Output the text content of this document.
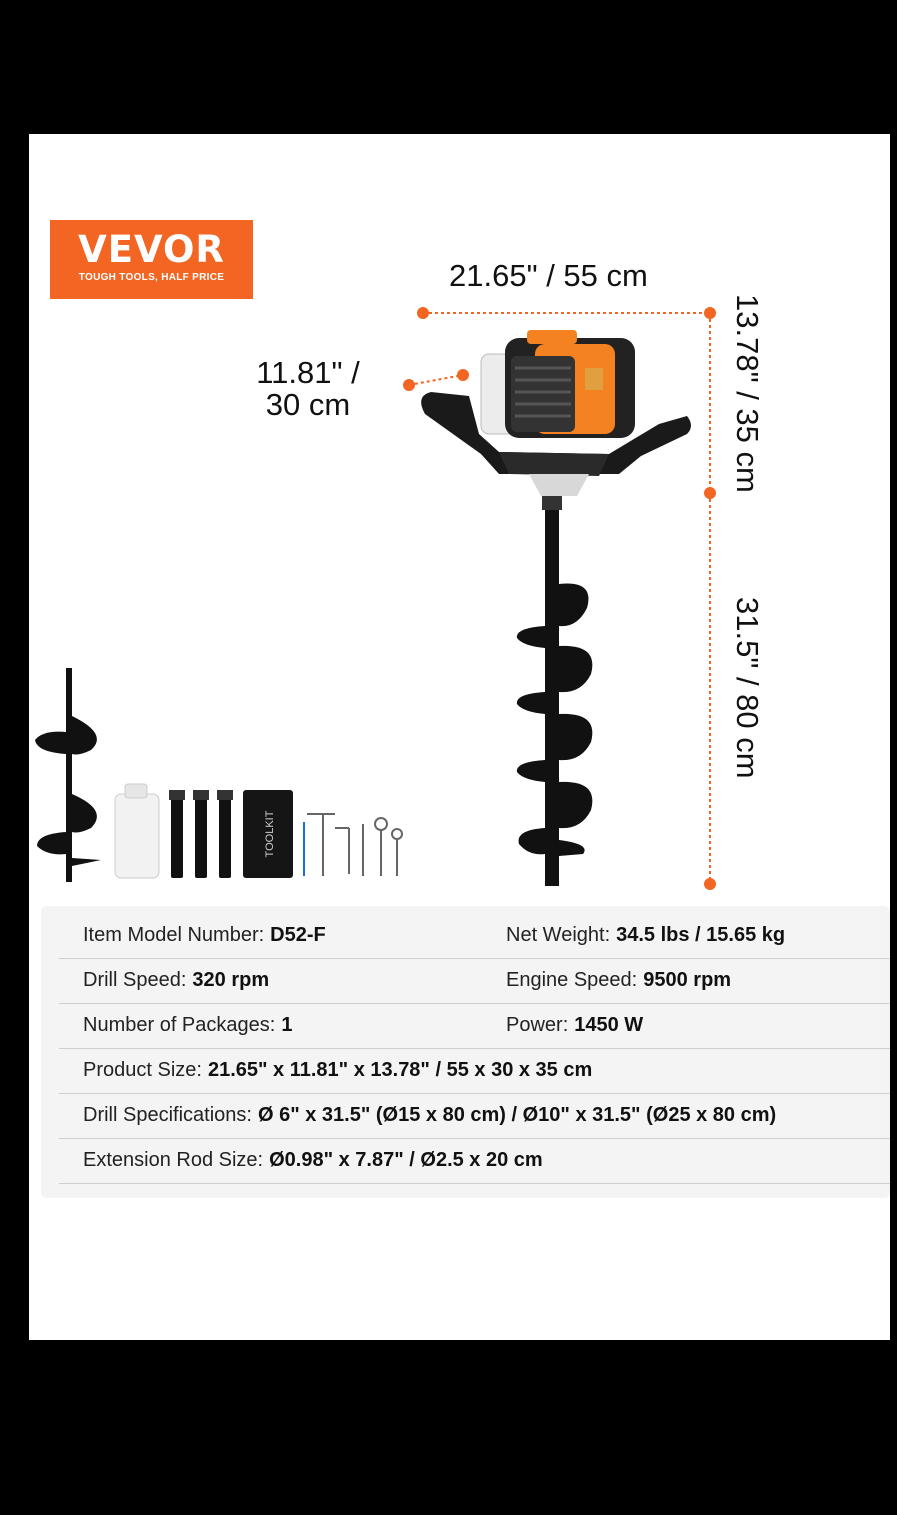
VEVOR
TOUGH TOOLS, HALF PRICE
TOOLKIT
21.65" / 55 cm
11.81" /
30 cm	13.78" / 35 cm
31.5" / 80 cm
Item Model Number: D52-F	Net Weight: 34.5 lbs / 15.65 kg
Drill Speed: 320 rpm	Engine Speed: 9500 rpm
Number of Packages: 1	Power: 1450 W
Product Size: 21.65" x 11.81" x 13.78" / 55 x 30 x 35 cm
Drill Specifications: Ø 6" x 31.5" (Ø15 x 80 cm) / Ø10" x 31.5" (Ø25 x 80 cm)
Extension Rod Size: Ø0.98" x 7.87" / Ø2.5 x 20 cm
